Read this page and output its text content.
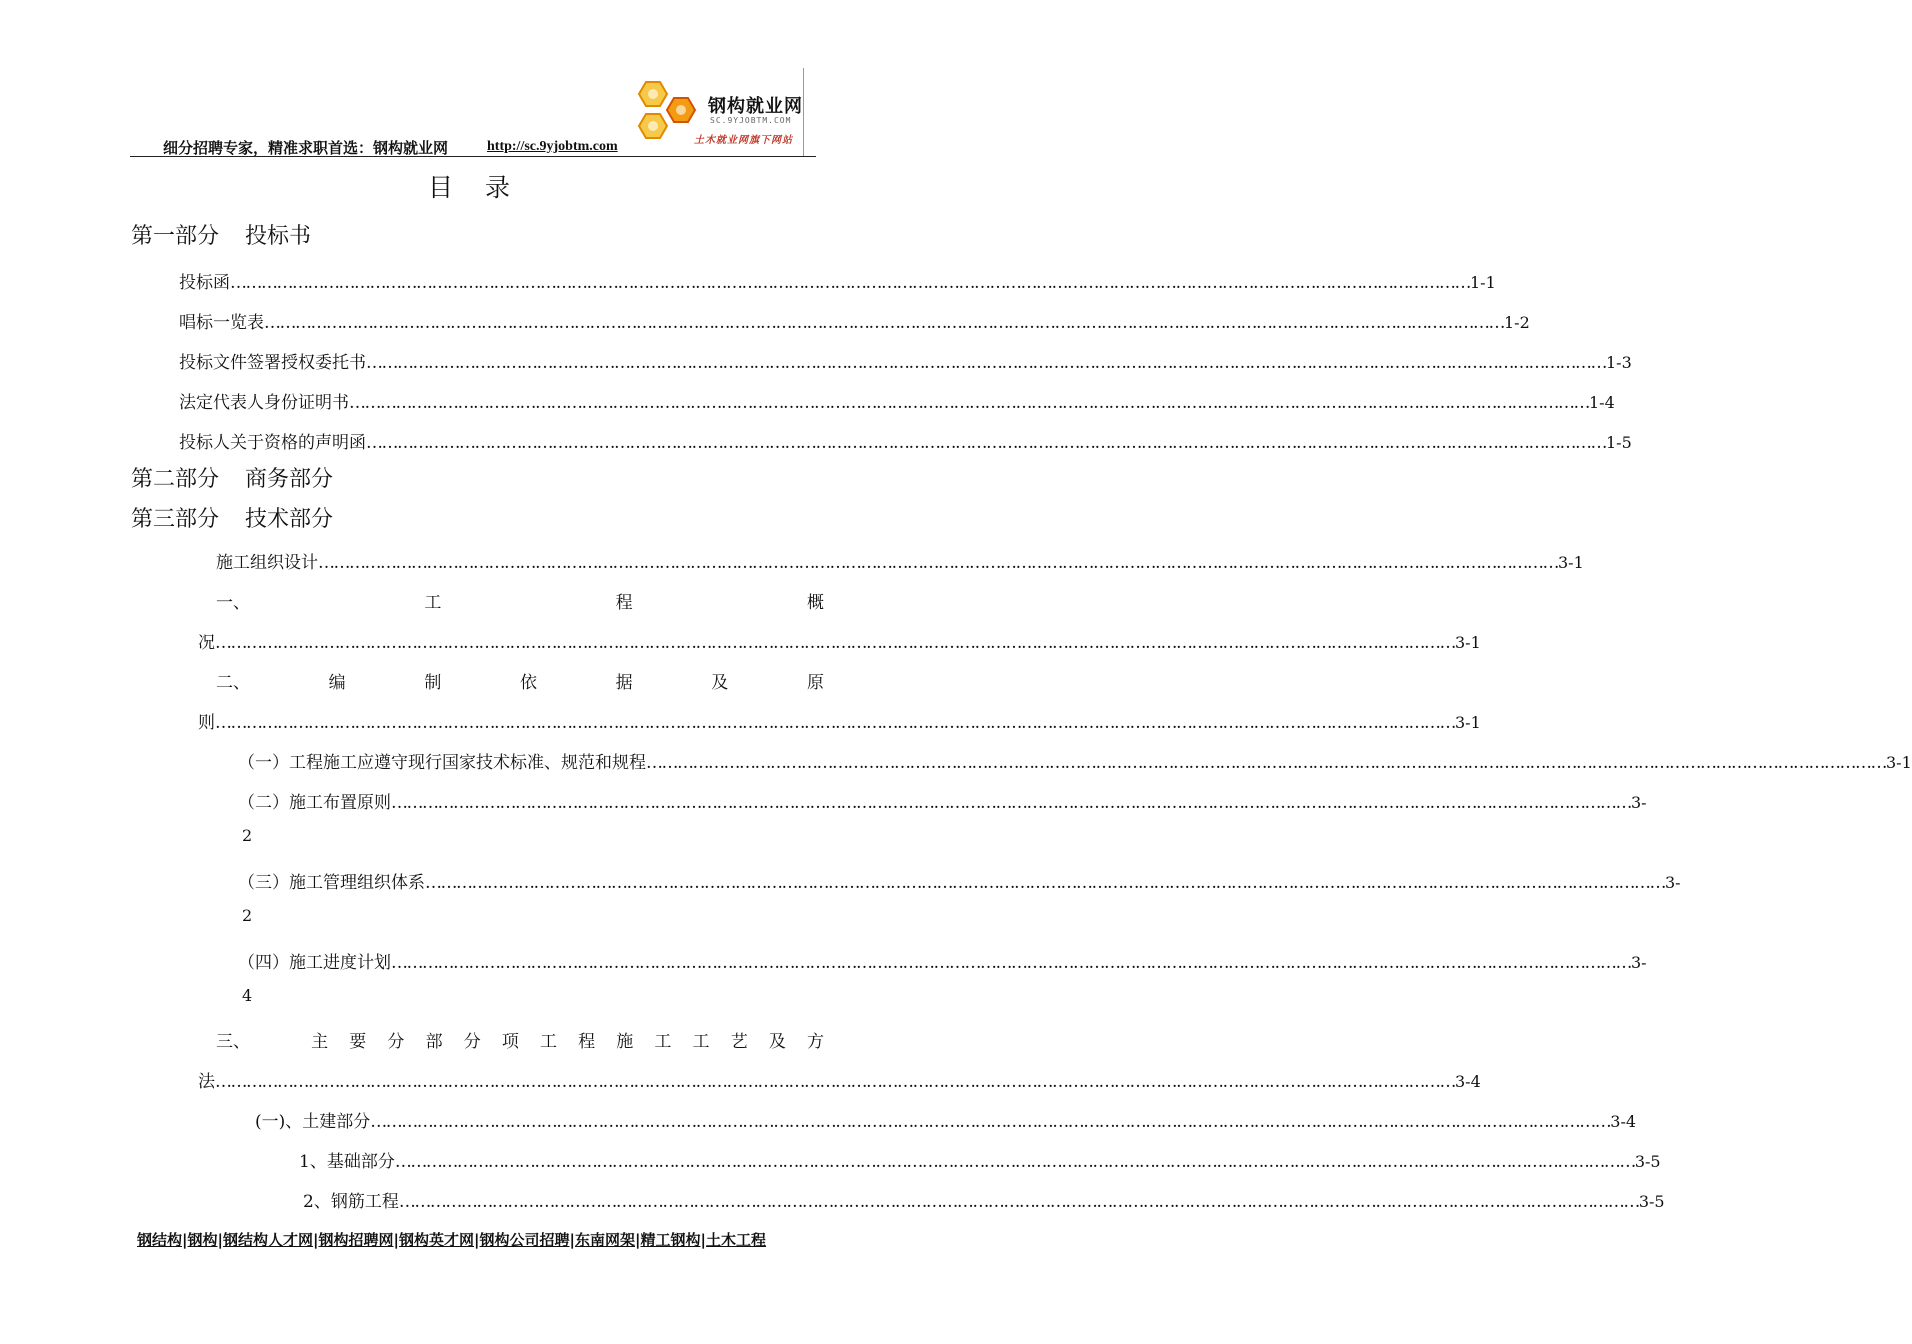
钢构就业网
SC.9YJOBTM.COM
土木就业网旗下网站
细分招聘专家，精准求职首选：钢构就业网	http://sc.9yjobtm.com
目 录
第一部分 投标书
投标函 …………………………………………………………………………………………………………………………………………………………………………………………………………………… 1-1
唱标一览表 …………………………………………………………………………………………………………………………………………………………………………………………………………………… 1-2
投标文件签署授权委托书 …………………………………………………………………………………………………………………………………………………………………………………………………………………… 1-3
法定代表人身份证明书 …………………………………………………………………………………………………………………………………………………………………………………………………………………… 1-4
投标人关于资格的声明函 …………………………………………………………………………………………………………………………………………………………………………………………………………………… 1-5
第二部分 商务部分
第三部分 技术部分
施工组织设计 …………………………………………………………………………………………………………………………………………………………………………………………………………………… 3-1
一、	工	程	概
况 …………………………………………………………………………………………………………………………………………………………………………………………………………………… 3-1
二、	编	制	依	据	及	原
则 …………………………………………………………………………………………………………………………………………………………………………………………………………………… 3-1
（一） 工程施工应遵守现行国家技术标准、规范和规程 …………………………………………………………………………………………………………………………………………………………………………………………………………………… 3-1
（二） 施工布置原则 …………………………………………………………………………………………………………………………………………………………………………………………………………………… 3-
2
（三） 施工管理组织体系 …………………………………………………………………………………………………………………………………………………………………………………………………………………… 3-
2
（四） 施工进度计划 …………………………………………………………………………………………………………………………………………………………………………………………………………………… 3-
4
三、	主 要 分 部 分 项 工 程 施 工 工 艺 及 方
法 …………………………………………………………………………………………………………………………………………………………………………………………………………………… 3-4
(一)、土建部分 …………………………………………………………………………………………………………………………………………………………………………………………………………………… 3-4
1、基础部分 …………………………………………………………………………………………………………………………………………………………………………………………………………………… 3-5
2、钢筋工程 …………………………………………………………………………………………………………………………………………………………………………………………………………………… 3-5
钢结构|钢构|钢结构人才网|钢构招聘网|钢构英才网|钢构公司招聘|东南网架|精工钢构|土木工程
